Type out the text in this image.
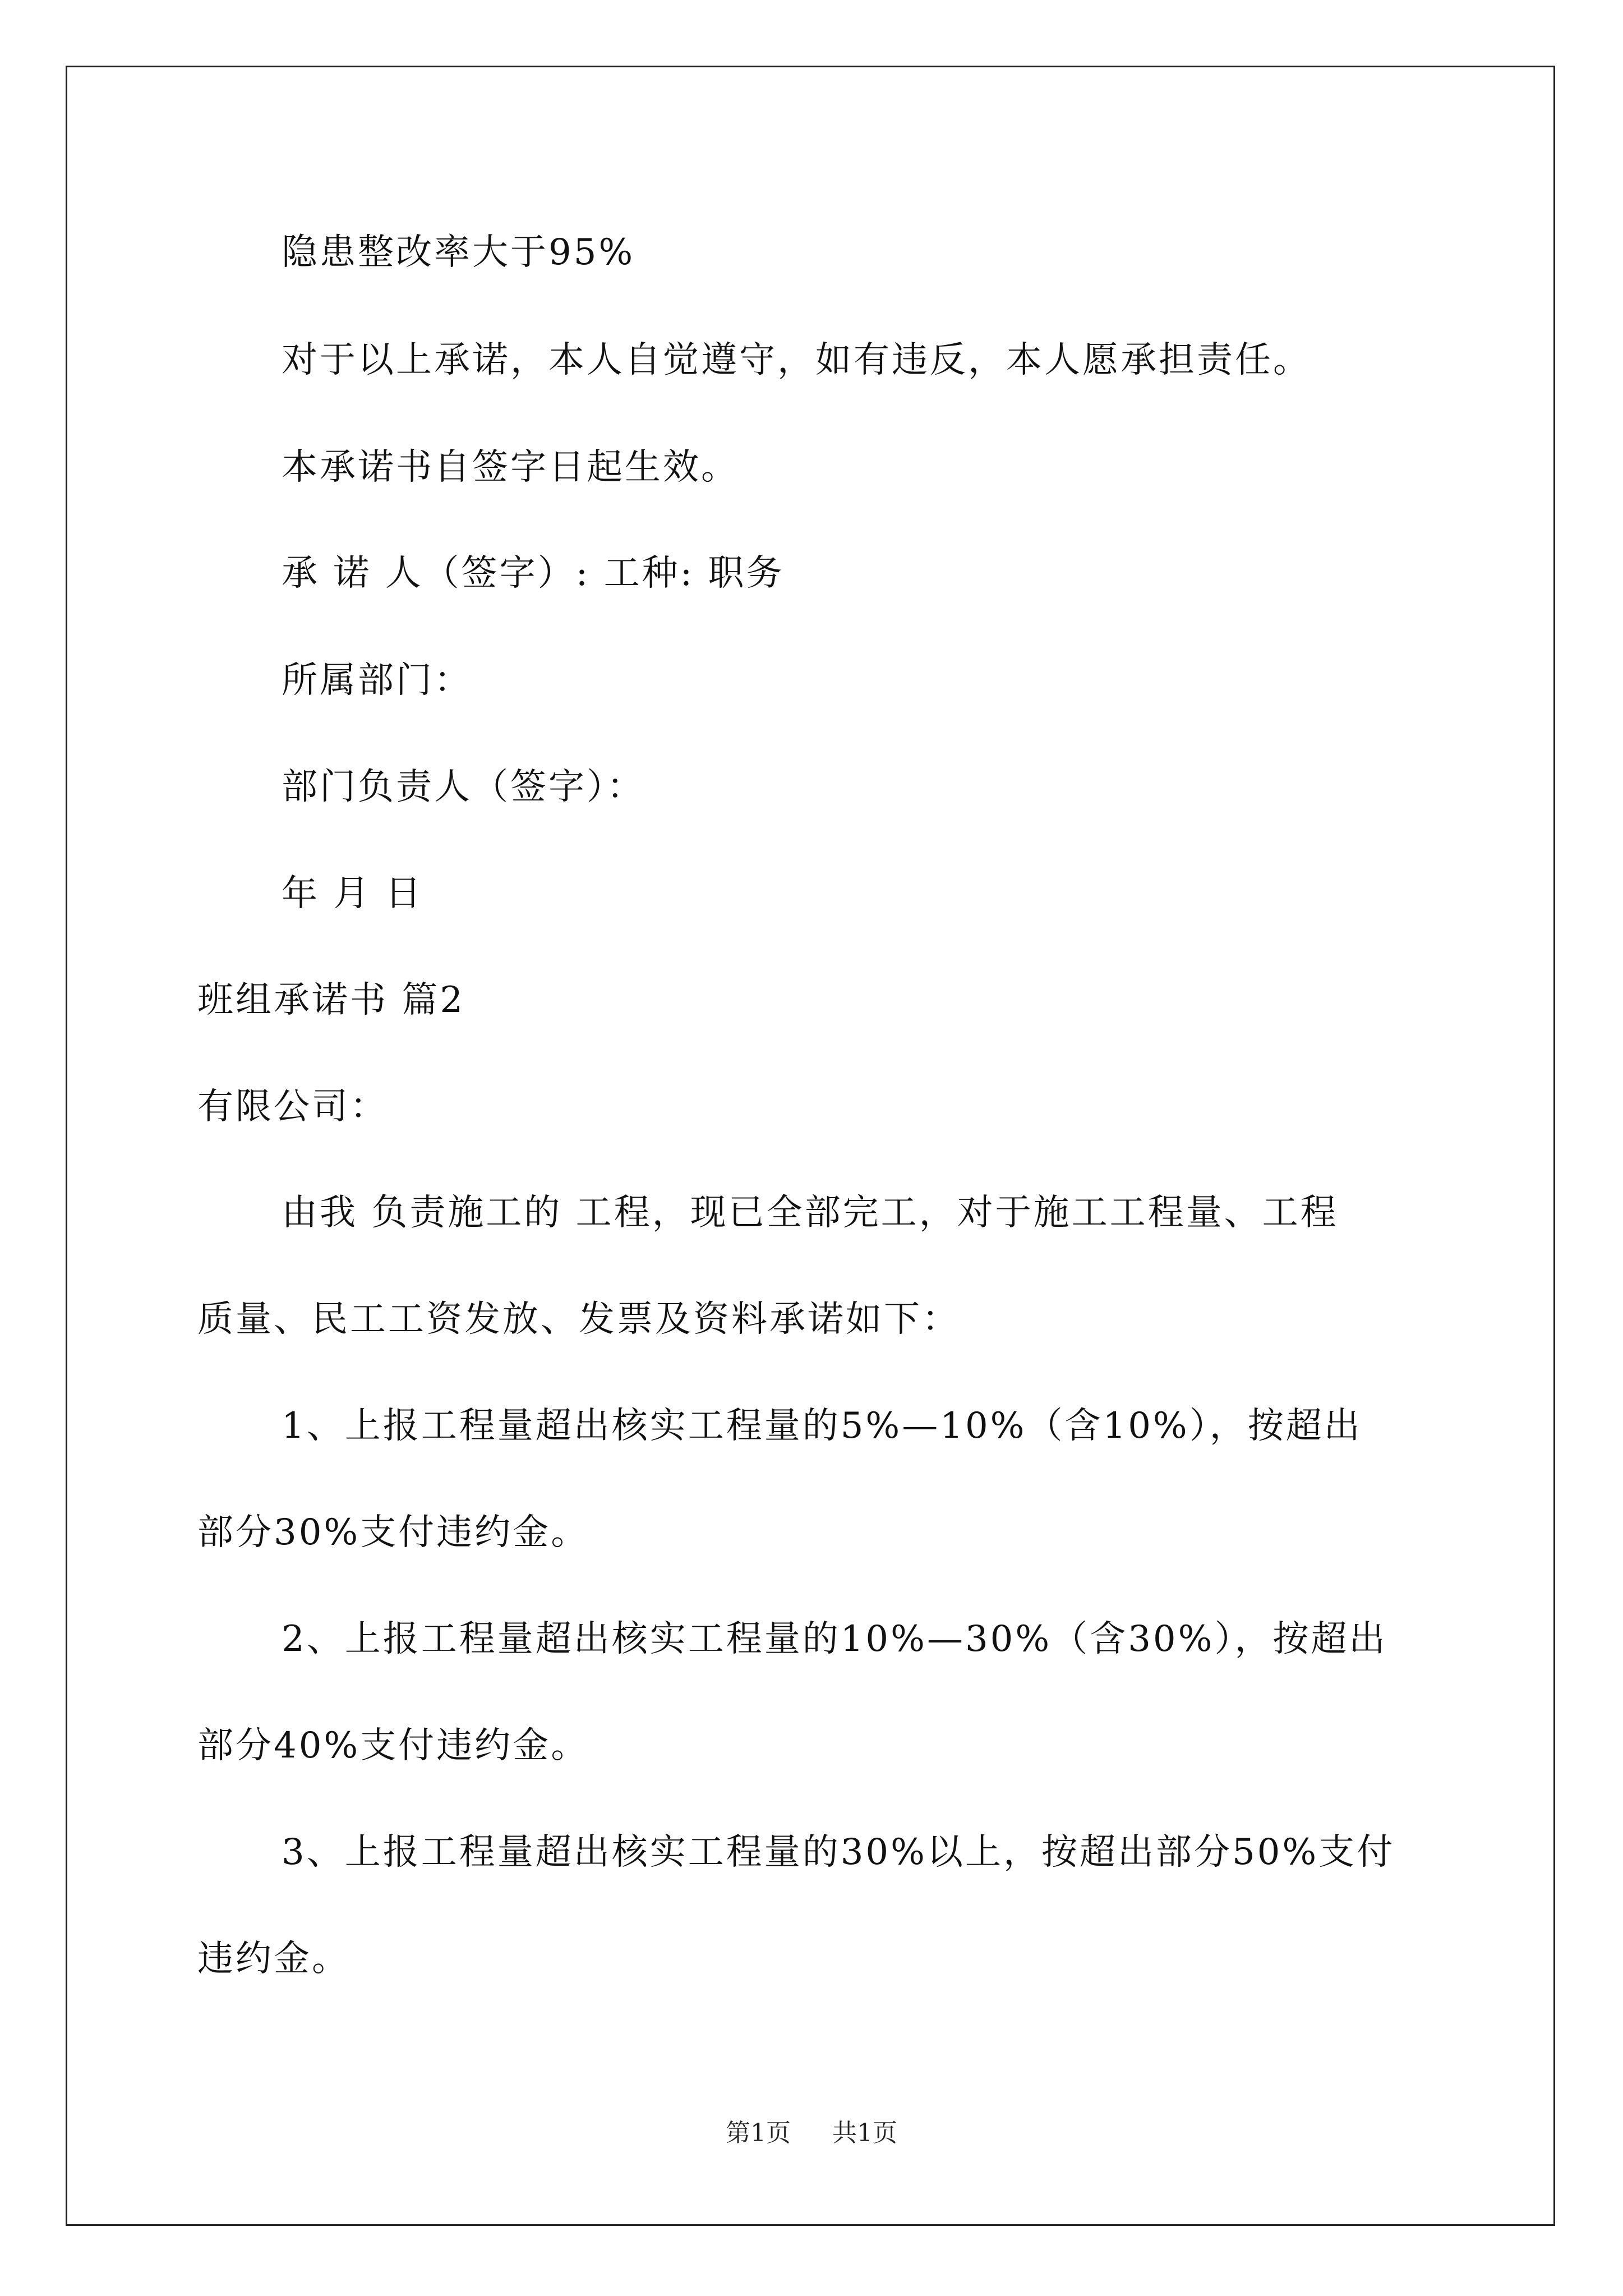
隐患整改率大于95%

对于以上承诺，本人自觉遵守，如有违反，本人愿承担责任。

本承诺书自签字日起生效。

承 诺 人（签字）: 工种: 职务

所属部门：

部门负责人（签字）：

年 月 日

班组承诺书 篇2

有限公司：

由我 负责施工的 工程，现已全部完工，对于施工工程量、工程

质量、民工工资发放、发票及资料承诺如下：

1、上报工程量超出核实工程量的5%—10%（含10%），按超出

部分30%支付违约金。

2、上报工程量超出核实工程量的10%—30%（含30%），按超出

部分40%支付违约金。

3、上报工程量超出核实工程量的30%以上，按超出部分50%支付

违约金。

第1页 共1页
